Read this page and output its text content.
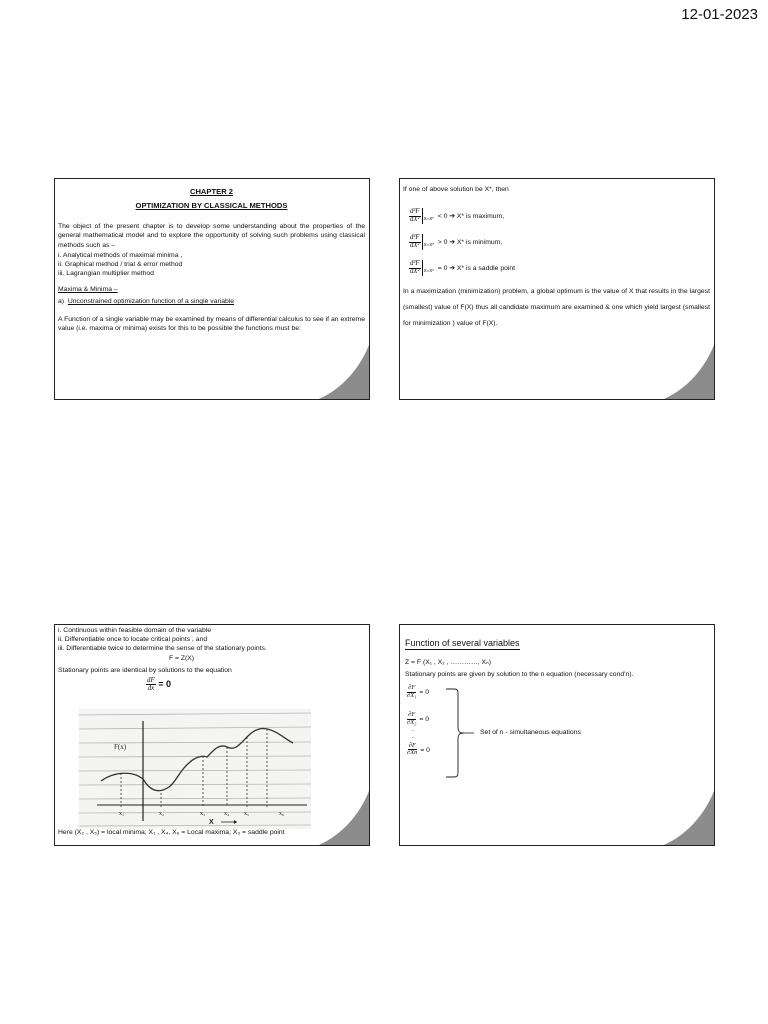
12-01-2023

CHAPTER 2

OPTIMIZATION BY CLASSICAL METHODS

The object of the present chapter is to develop some understanding about the properties of the general mathematical model and to explore the opportunity of solving such problems using classical methods such as –

i. Analytical methods of maximal minima ,

ii. Graphical method / trial & error method

iii. Lagrangian multiplier method

Maxima & Minima –

a) Unconstrained optimization function of a single variable

A Function of a single variable may be examined by means of differential calculus to see if an extreme value (i.e. maxima or minima) exists for this to be possible the functions must be:

If one of above solution be X*, then

$\frac{\text{d²F}}{\text{dX²}} _{X=X*} < 0$ ➔ X* is maximum,
$\frac{\text{d²F}}{\text{dX²}} _{X=X*} > 0$ ➔ X* is minimum,
$\frac{\text{d²F}}{\text{dX²}} _{X=X*} = 0$ ➔ X* is a saddle point

In a maximization (minimization) problem, a global optimum is the value of X that results in the largest (smallest) value of F(X) thus all candidate maximum are examined & one which yield largest (smallest for minimization ) value of F(X).

i. Continuous within feasible domain of the variable

ii. Differentiable once to locate critical points , and

iii. Differentiable twice to determine the sense of the stationary points.

F = Z(X)

Stationary points are identical by solutions to the equation

$\frac{dF}{dx} = 0$
F(x)
x₁	x₂	x₃	x₄ x₅	x₆
X

Here (X₂ , X₅) = local minima; X₁ , X₄, X₆ = Local maxima; X₃ = saddle point

Function of several variables

Z = F (X₁ , X₂ , …………, Xₙ)

Stationary points are given by solution to the n equation (necessary cond'n).

$\frac{\partial F}{\text{∂X₁}} = 0$
$\frac{\partial F}{\text{∂X₂}} = 0$
.
.
$\frac{\partial F}{\partial Xn} = 0$
Set of n - simultaneous equations
